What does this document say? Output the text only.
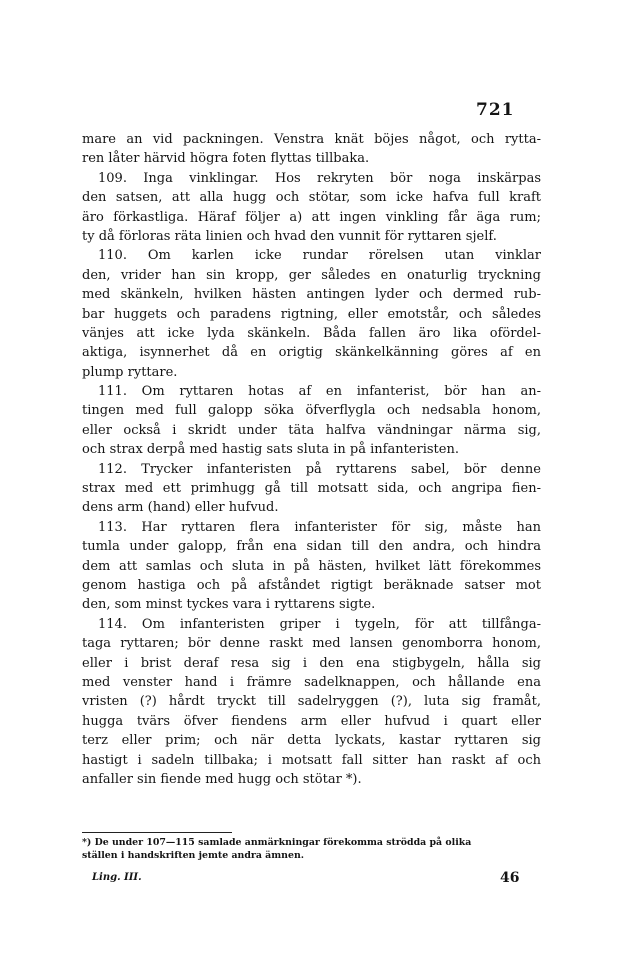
721
mare an vid packningen. Venstra knät böjes något, och rytta-
ren låter härvid högra foten flyttas tillbaka.
109. Inga vinklingar. Hos rekryten bör noga inskärpas
den satsen, att alla hugg och stötar, som icke hafva full kraft
äro förkastliga. Häraf följer a) att ingen vinkling får äga rum;
ty då förloras räta linien och hvad den vunnit för ryttaren sjelf.
110. Om karlen icke rundar rörelsen utan vinklar
den, vrider han sin kropp, ger således en onaturlig tryckning
med skänkeln, hvilken hästen antingen lyder och dermed rub-
bar huggets och paradens rigtning, eller emotstår, och således
vänjes att icke lyda skänkeln. Båda fallen äro lika ofördel-
aktiga, isynnerhet då en origtig skänkelkänning göres af en
plump ryttare.
111. Om ryttaren hotas af en infanterist, bör han an-
tingen med full galopp söka öfverflygla och nedsabla honom,
eller också i skridt under täta halfva vändningar närma sig,
och strax derpå med hastig sats sluta in på infanteristen.
112. Trycker infanteristen på ryttarens sabel, bör denne
strax med ett primhugg gå till motsatt sida, och angripa fien-
dens arm (hand) eller hufvud.
113. Har ryttaren flera infanterister för sig, måste han
tumla under galopp, från ena sidan till den andra, och hindra
dem att samlas och sluta in på hästen, hvilket lätt förekommes
genom hastiga och på afståndet rigtigt beräknade satser mot
den, som minst tyckes vara i ryttarens sigte.
114. Om infanteristen griper i tygeln, för att tillfånga-
taga ryttaren; bör denne raskt med lansen genomborra honom,
eller i brist deraf resa sig i den ena stigbygeln, hålla sig
med venster hand i främre sadelknappen, och hållande ena
vristen (?) hårdt tryckt till sadelryggen (?), luta sig framåt,
hugga tvärs öfver fiendens arm eller hufvud i quart eller
terz eller prim; och när detta lyckats, kastar ryttaren sig
hastigt i sadeln tillbaka; i motsatt fall sitter han raskt af och
anfaller sin fiende med hugg och stötar *).
*) De under 107—115 samlade anmärkningar förekomma strödda på olika
ställen i handskriften jemte andra ämnen.
Ling. III.	46
